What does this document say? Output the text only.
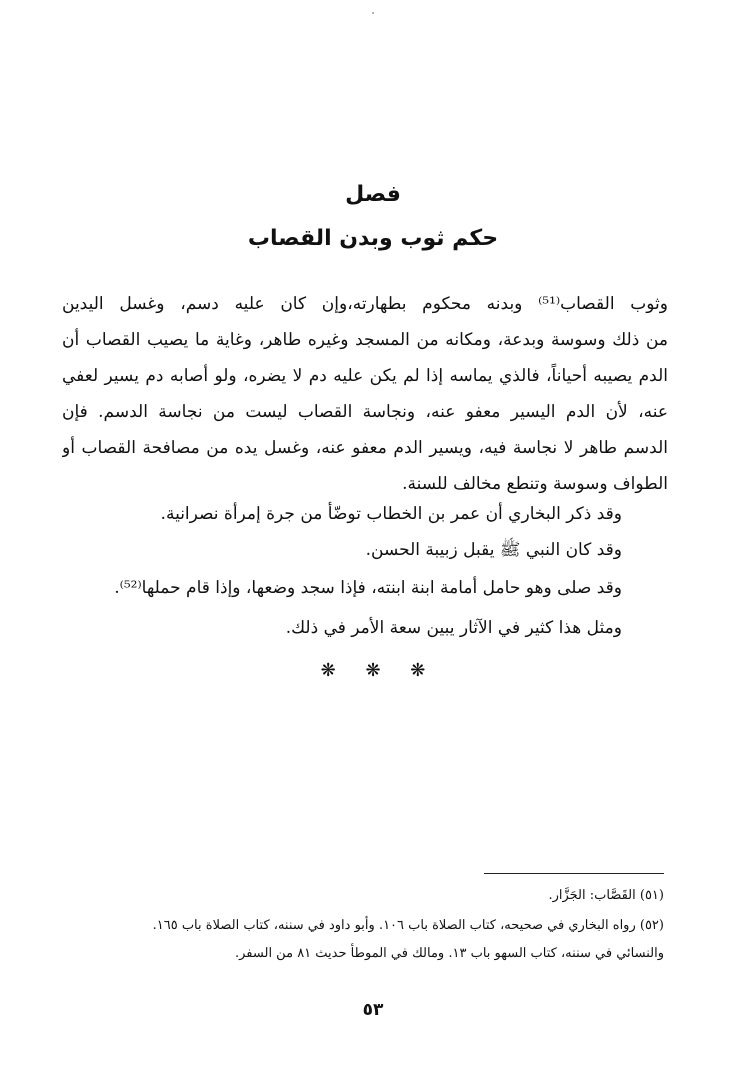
فصل
حكم ثوب وبدن القصاب
وثوب القصاب⁽⁵¹⁾ وبدنه محكوم بطهارته،وإن كان عليه دسم، وغسل اليدين
من ذلك وسوسة وبدعة، ومكانه من المسجد وغيره طاهر، وغاية ما يصيب القصاب أن
الدم يصيبه أحياناً، فالذي يماسه إذا لم يكن عليه دم لا يضره، ولو أصابه دم يسير لعفي
عنه، لأن الدم اليسير معفو عنه، ونجاسة القصاب ليست من نجاسة الدسم. فإن
الدسم طاهر لا نجاسة فيه، ويسير الدم معفو عنه، وغسل يده من مصافحة القصاب أو
الطواف وسوسة وتنطع مخالف للسنة.

وقد ذكر البخاري أن عمر بن الخطاب توضّأ من جرة إمرأة نصرانية.

وقد كان النبي ﷺ يقبل زبيبة الحسن.

وقد صلى وهو حامل أمامة ابنة ابنته، فإذا سجد وضعها، وإذا قام حملها⁽⁵²⁾.

ومثل هذا كثير في الآثار يبين سعة الأمر في ذلك.

❋ ❋ ❋

(٥١) القَصَّاب: الجَزَّار.

(٥٢) رواه البخاري في صحيحه، كتاب الصلاة باب ١٠٦. وأبو داود في سننه، كتاب الصلاة باب ١٦٥.

والنسائي في سننه، كتاب السهو باب ١٣. ومالك في الموطأ حديث ٨١ من السفر.

٥٣
